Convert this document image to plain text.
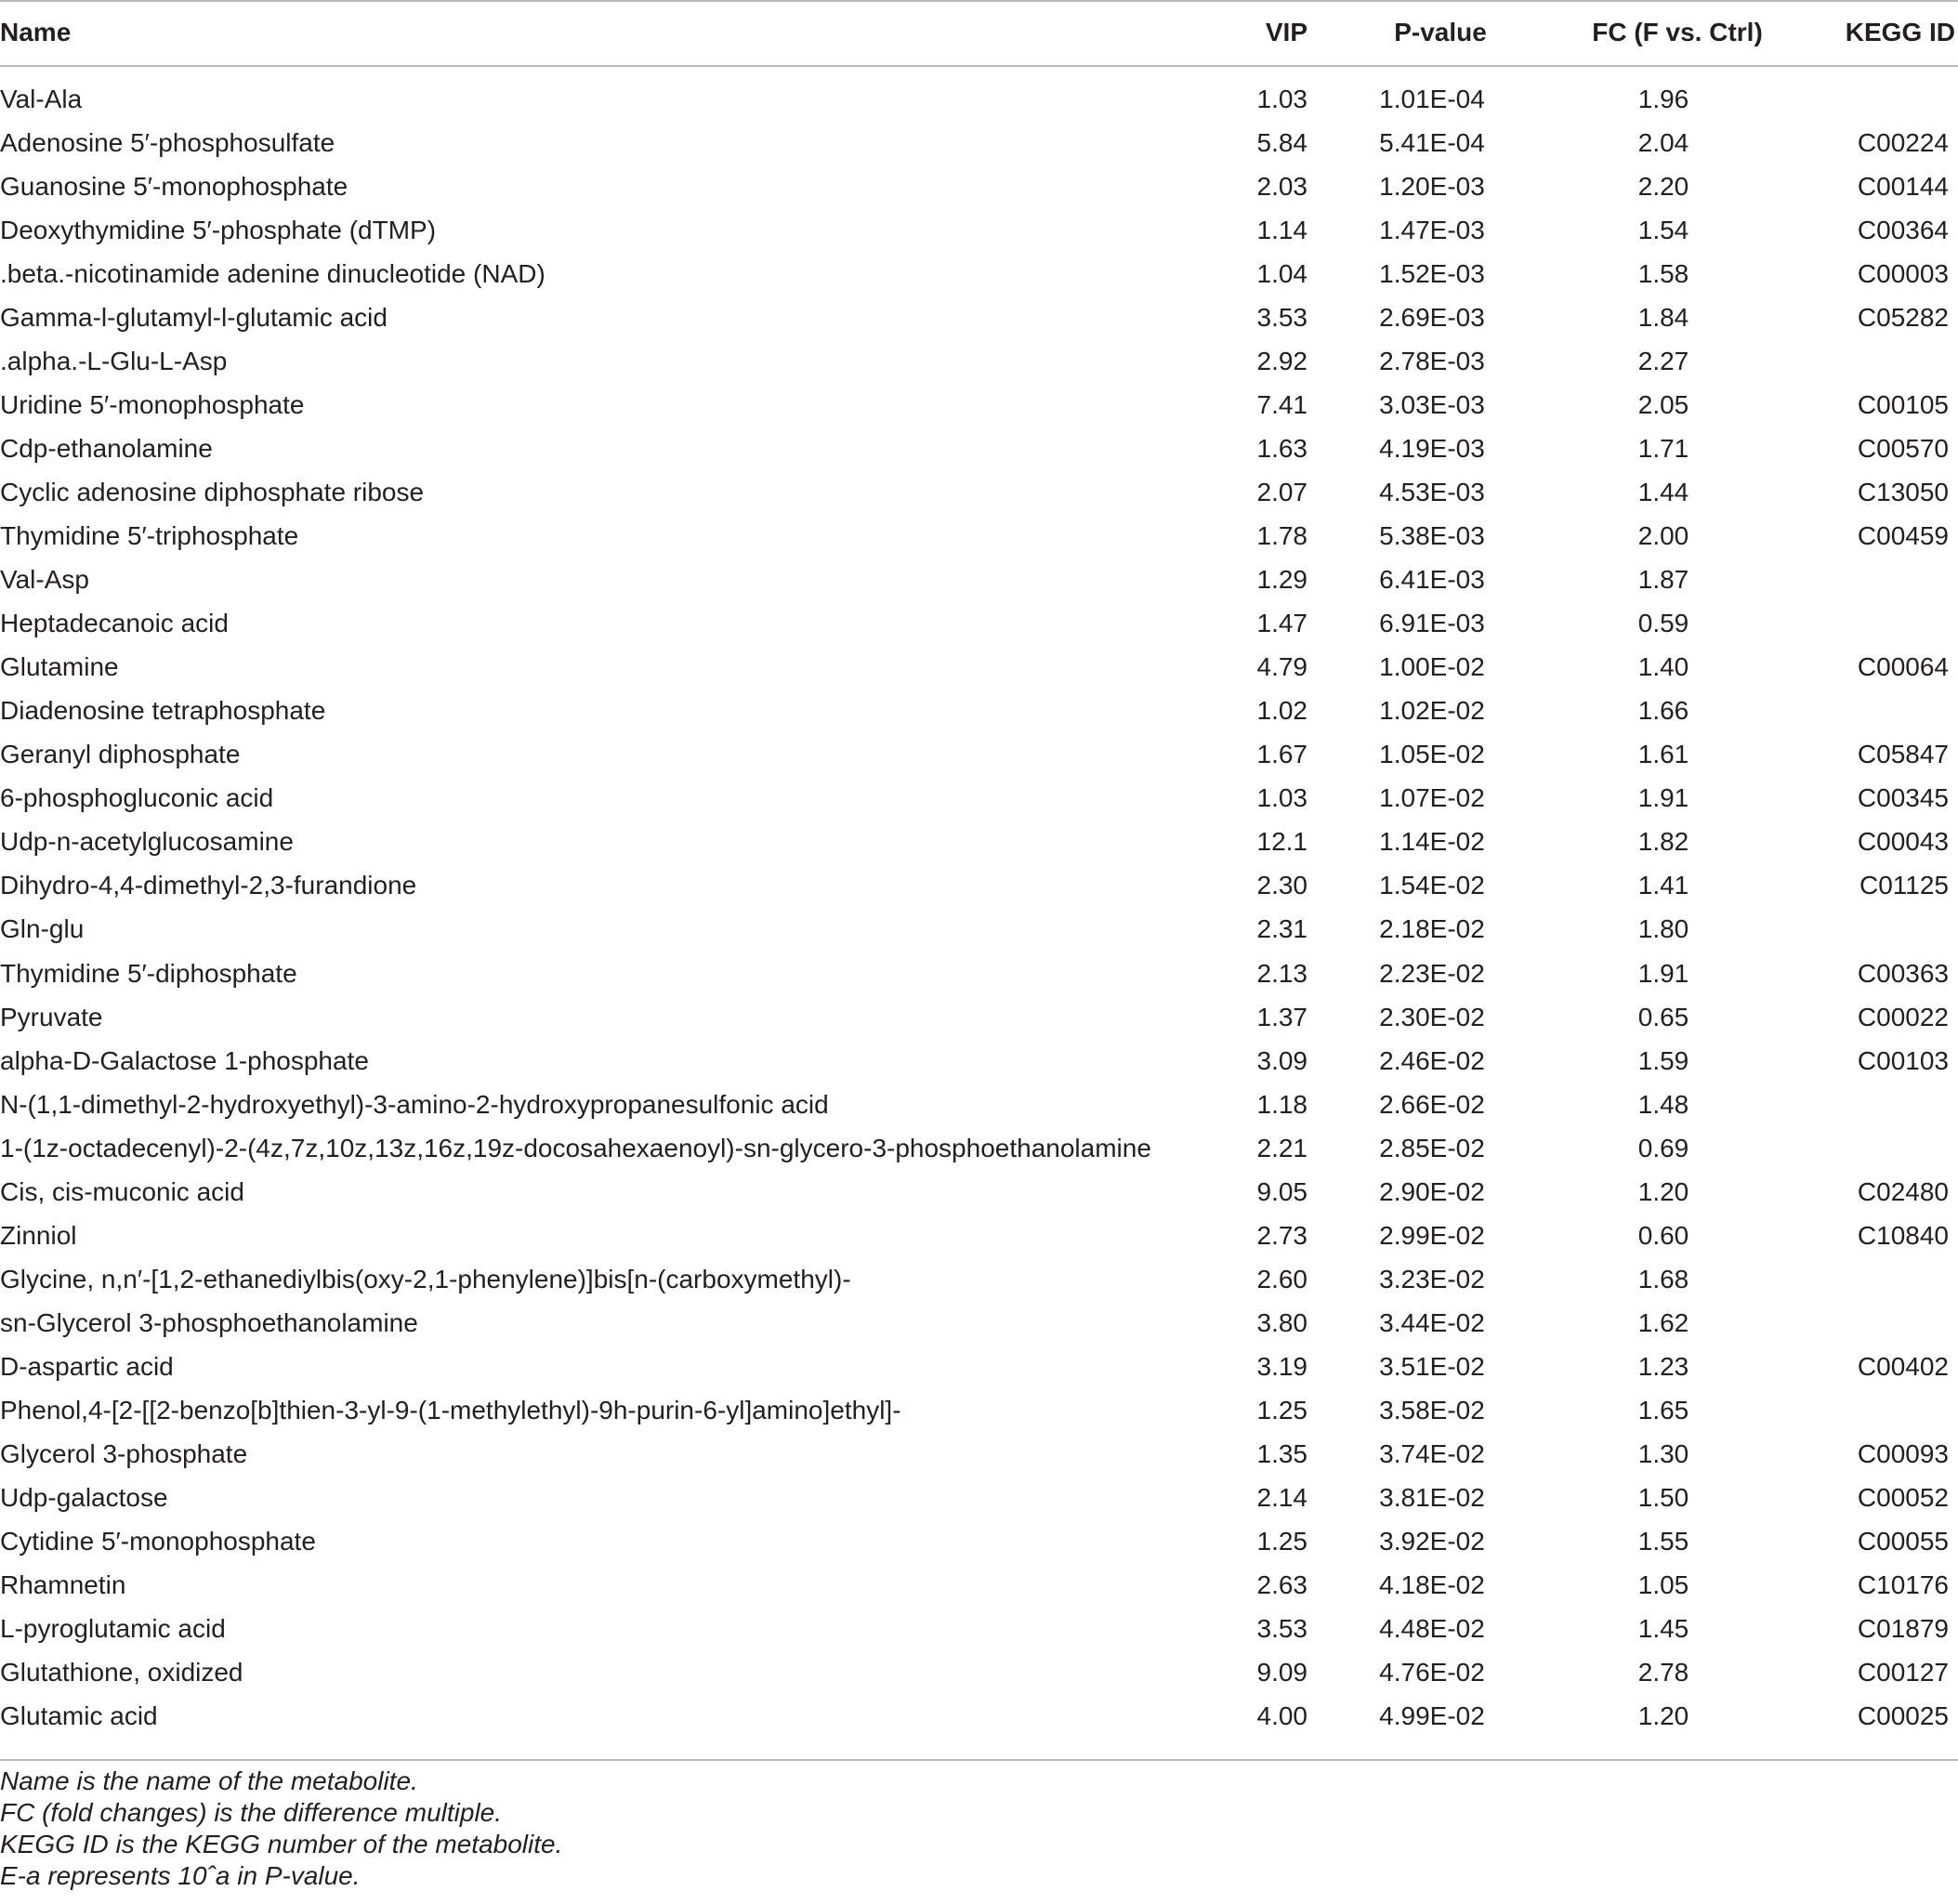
Name	VIP	P-value	FC (F vs. Ctrl)	KEGG ID
Val-Ala	1.03	1.01E-04	1.96
Adenosine 5′-phosphosulfate	5.84	5.41E-04	2.04	C00224
Guanosine 5′-monophosphate	2.03	1.20E-03	2.20	C00144
Deoxythymidine 5′-phosphate (dTMP)	1.14	1.47E-03	1.54	C00364
.beta.-nicotinamide adenine dinucleotide (NAD)	1.04	1.52E-03	1.58	C00003
Gamma-l-glutamyl-l-glutamic acid	3.53	2.69E-03	1.84	C05282
.alpha.-L-Glu-L-Asp	2.92	2.78E-03	2.27
Uridine 5′-monophosphate	7.41	3.03E-03	2.05	C00105
Cdp-ethanolamine	1.63	4.19E-03	1.71	C00570
Cyclic adenosine diphosphate ribose	2.07	4.53E-03	1.44	C13050
Thymidine 5′-triphosphate	1.78	5.38E-03	2.00	C00459
Val-Asp	1.29	6.41E-03	1.87
Heptadecanoic acid	1.47	6.91E-03	0.59
Glutamine	4.79	1.00E-02	1.40	C00064
Diadenosine tetraphosphate	1.02	1.02E-02	1.66
Geranyl diphosphate	1.67	1.05E-02	1.61	C05847
6-phosphogluconic acid	1.03	1.07E-02	1.91	C00345
Udp-n-acetylglucosamine	12.1	1.14E-02	1.82	C00043
Dihydro-4,4-dimethyl-2,3-furandione	2.30	1.54E-02	1.41	C01125
Gln-glu	2.31	2.18E-02	1.80
Thymidine 5′-diphosphate	2.13	2.23E-02	1.91	C00363
Pyruvate	1.37	2.30E-02	0.65	C00022
alpha-D-Galactose 1-phosphate	3.09	2.46E-02	1.59	C00103
N-(1,1-dimethyl-2-hydroxyethyl)-3-amino-2-hydroxypropanesulfonic acid	1.18	2.66E-02	1.48
1-(1z-octadecenyl)-2-(4z,7z,10z,13z,16z,19z-docosahexaenoyl)-sn-glycero-3-phosphoethanolamine	2.21	2.85E-02	0.69
Cis, cis-muconic acid	9.05	2.90E-02	1.20	C02480
Zinniol	2.73	2.99E-02	0.60	C10840
Glycine, n,n′-[1,2-ethanediylbis(oxy-2,1-phenylene)]bis[n-(carboxymethyl)-	2.60	3.23E-02	1.68
sn-Glycerol 3-phosphoethanolamine	3.80	3.44E-02	1.62
D-aspartic acid	3.19	3.51E-02	1.23	C00402
Phenol,4-[2-[[2-benzo[b]thien-3-yl-9-(1-methylethyl)-9h-purin-6-yl]amino]ethyl]-	1.25	3.58E-02	1.65
Glycerol 3-phosphate	1.35	3.74E-02	1.30	C00093
Udp-galactose	2.14	3.81E-02	1.50	C00052
Cytidine 5′-monophosphate	1.25	3.92E-02	1.55	C00055
Rhamnetin	2.63	4.18E-02	1.05	C10176
L-pyroglutamic acid	3.53	4.48E-02	1.45	C01879
Glutathione, oxidized	9.09	4.76E-02	2.78	C00127
Glutamic acid	4.00	4.99E-02	1.20	C00025
Name is the name of the metabolite.
FC (fold changes) is the difference multiple.
KEGG ID is the KEGG number of the metabolite.
E-a represents 10ˆa in P-value.
